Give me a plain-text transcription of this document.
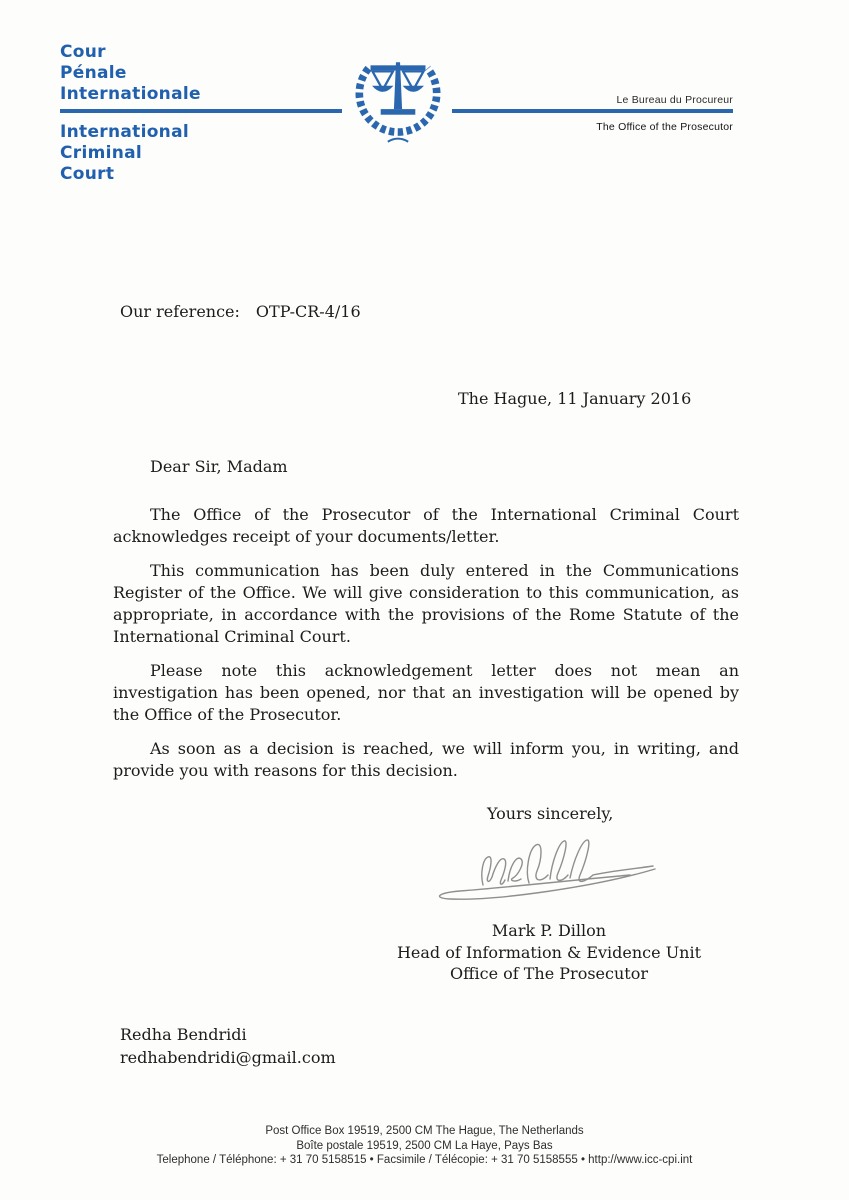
Cour
Pénale
Internationale	Le Bureau du Procureur
The Office of the Prosecutor
International
Criminal
Court
Our reference: OTP-CR-4/16
The Hague, 11 January 2016
Dear Sir, Madam

The Office of the Prosecutor of the International Criminal Court acknowledges receipt of your documents/letter.

This communication has been duly entered in the Communications Register of the Office. We will give consideration to this communication, as appropriate, in accordance with the provisions of the Rome Statute of the International Criminal Court.

Please note this acknowledgement letter does not mean an investigation has been opened, nor that an investigation will be opened by the Office of the Prosecutor.

As soon as a decision is reached, we will inform you, in writing, and provide you with reasons for this decision.

Yours sincerely,
Mark P. Dillon
Head of Information & Evidence Unit
Office of The Prosecutor
Redha Bendridi
redhabendridi@gmail.com
Post Office Box 19519, 2500 CM The Hague, The Netherlands
Boîte postale 19519, 2500 CM La Haye, Pays Bas
Telephone / Téléphone: + 31 70 5158515 • Facsimile / Télécopie: + 31 70 5158555 • http://www.icc-cpi.int
